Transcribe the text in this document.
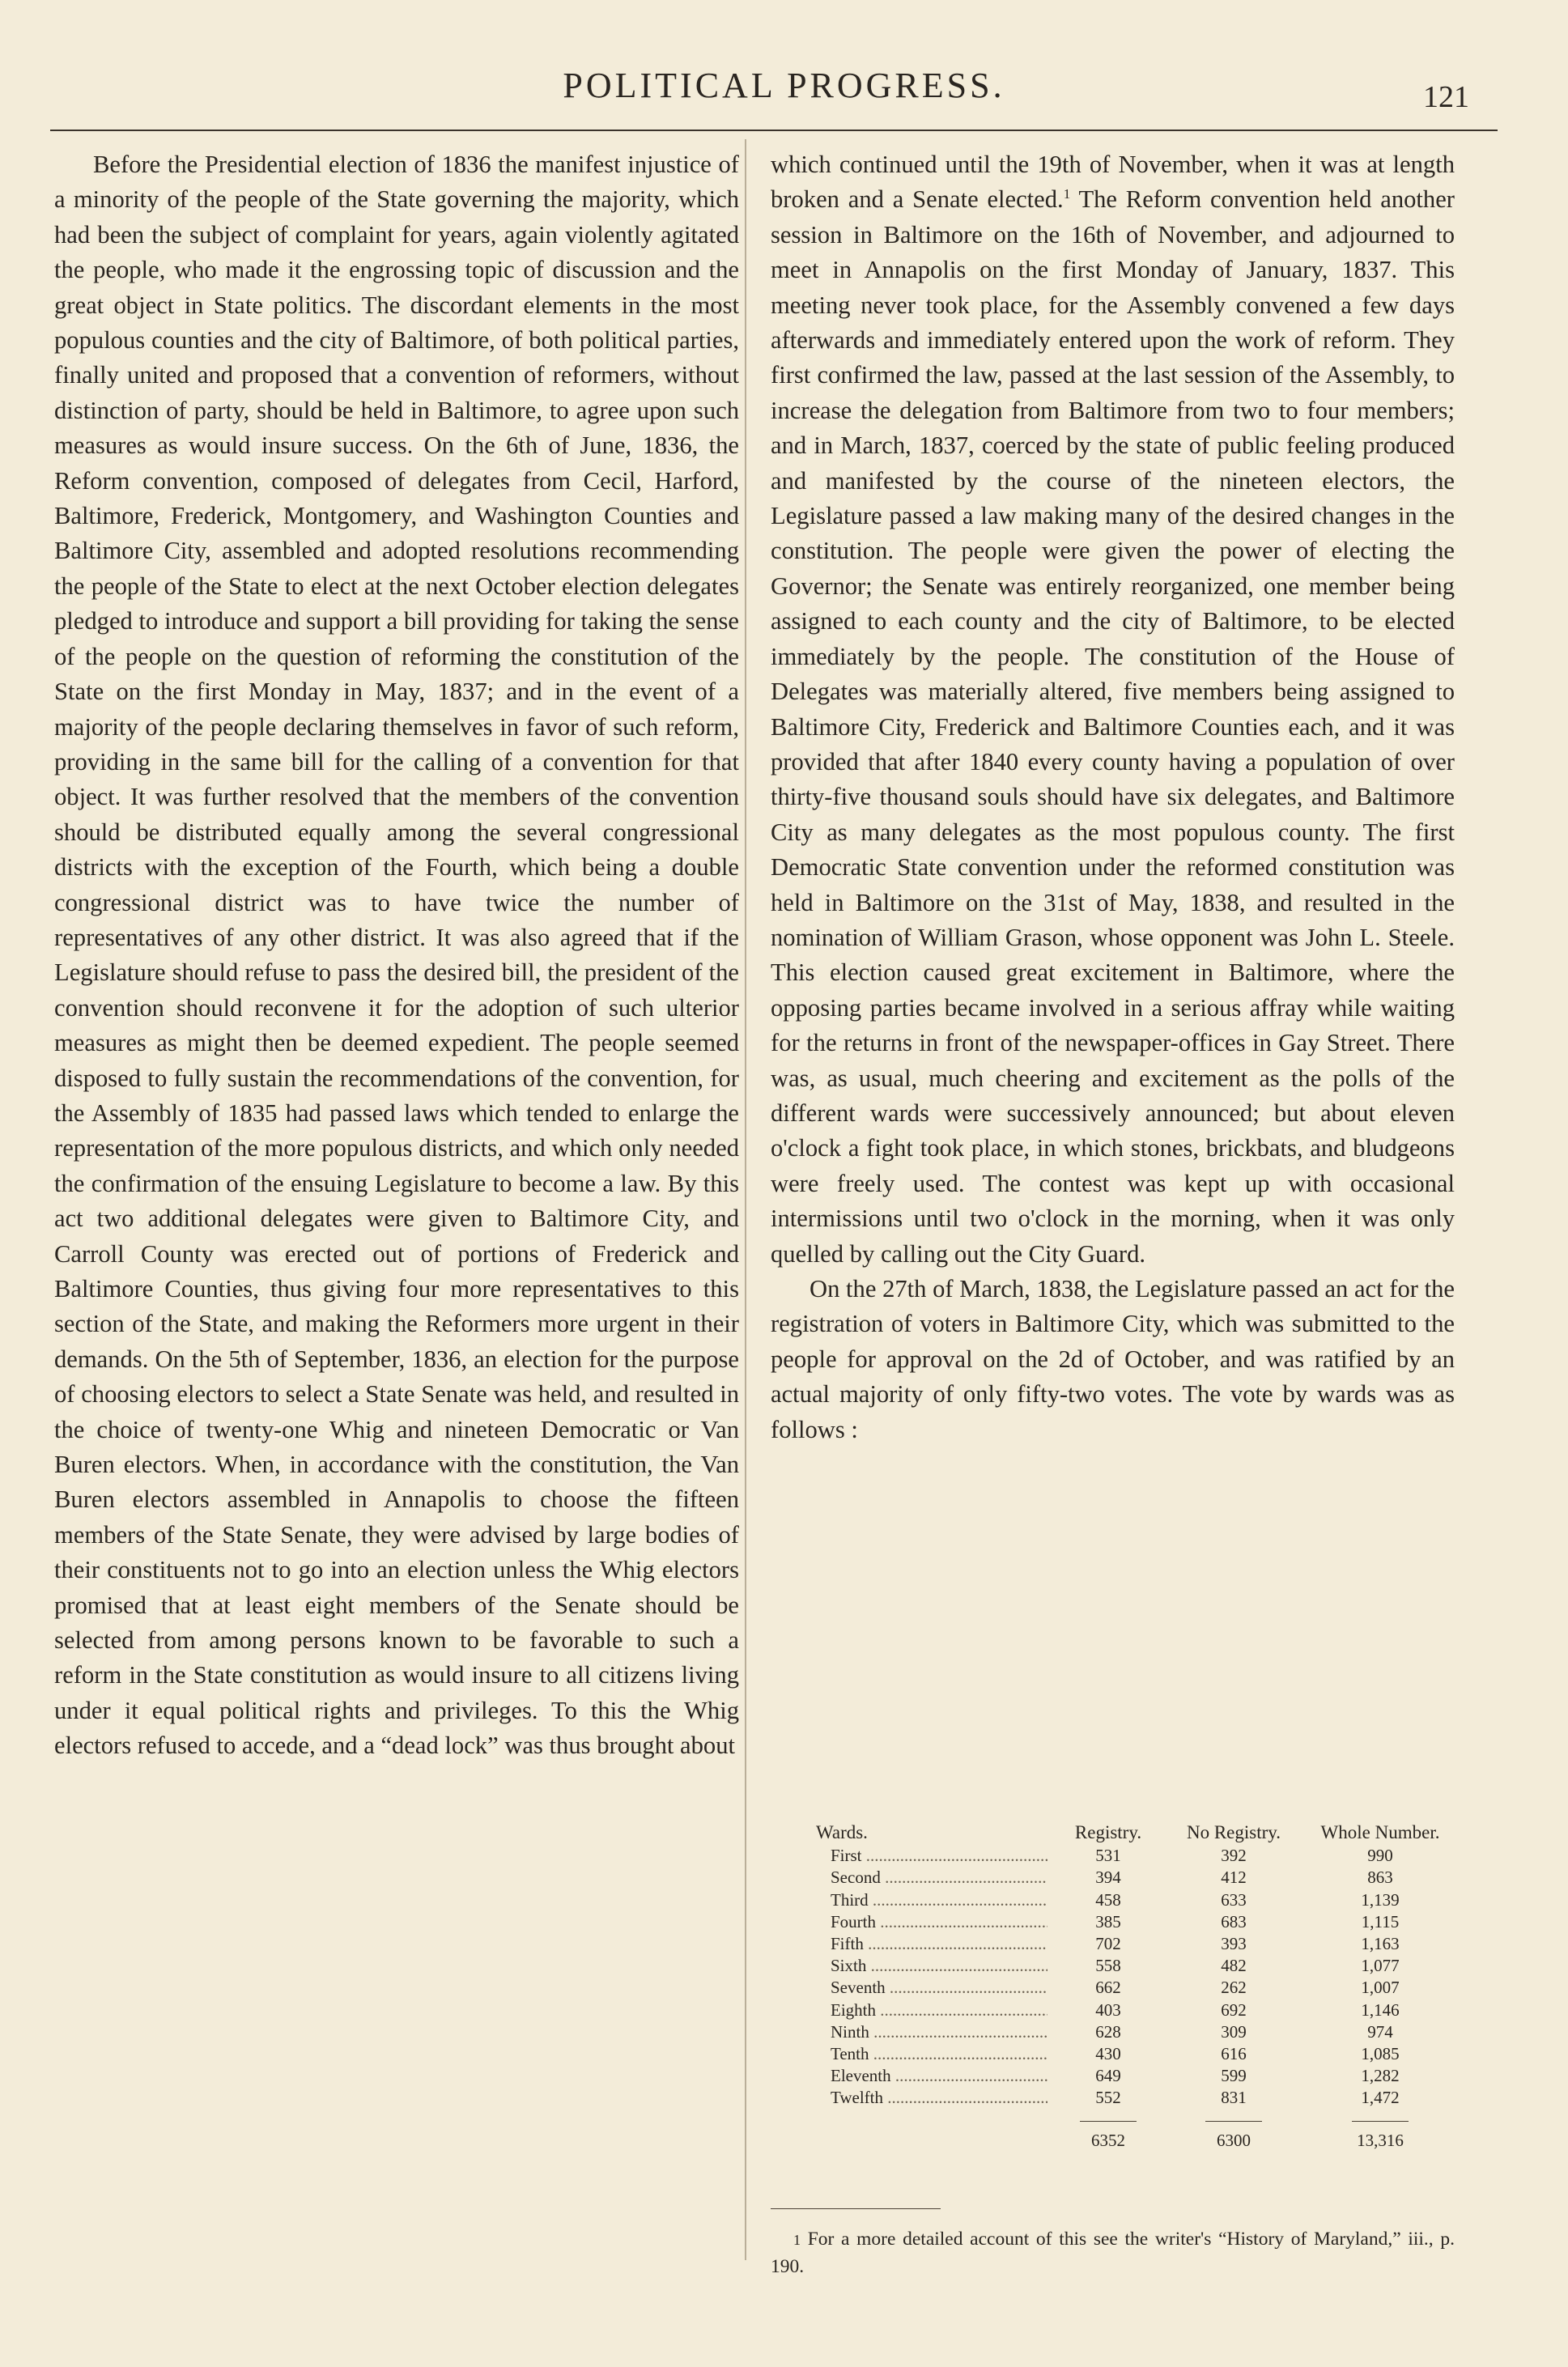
POLITICAL PROGRESS.	121

Before the Presidential election of 1836 the manifest injustice of a minority of the people of the State governing the majority, which had been the subject of complaint for years, again violently agitated the people, who made it the engrossing topic of discussion and the great object in State politics. The discordant elements in the most populous counties and the city of Baltimore, of both political parties, finally united and proposed that a convention of reformers, without distinction of party, should be held in Baltimore, to agree upon such measures as would insure success. On the 6th of June, 1836, the Reform convention, composed of delegates from Cecil, Harford, Baltimore, Frederick, Montgomery, and Washington Counties and Baltimore City, assembled and adopted resolutions recommending the people of the State to elect at the next October election delegates pledged to introduce and support a bill providing for taking the sense of the people on the question of reforming the constitution of the State on the first Monday in May, 1837; and in the event of a majority of the people declaring themselves in favor of such reform, providing in the same bill for the calling of a convention for that object. It was further resolved that the members of the convention should be distributed equally among the several congressional districts with the exception of the Fourth, which being a double congressional district was to have twice the number of representatives of any other district. It was also agreed that if the Legislature should refuse to pass the desired bill, the president of the convention should reconvene it for the adoption of such ulterior measures as might then be deemed expedient. The people seemed disposed to fully sustain the recommendations of the convention, for the Assembly of 1835 had passed laws which tended to enlarge the representation of the more populous districts, and which only needed the confirmation of the ensuing Legislature to become a law. By this act two additional delegates were given to Baltimore City, and Carroll County was erected out of portions of Frederick and Baltimore Counties, thus giving four more representatives to this section of the State, and making the Reformers more urgent in their demands. On the 5th of September, 1836, an election for the purpose of choosing electors to select a State Senate was held, and resulted in the choice of twenty-one Whig and nineteen Democratic or Van Buren electors. When, in accordance with the constitution, the Van Buren electors assembled in Annapolis to choose the fifteen members of the State Senate, they were advised by large bodies of their constituents not to go into an election unless the Whig electors promised that at least eight members of the Senate should be selected from among persons known to be favorable to such a reform in the State constitution as would insure to all citizens living under it equal political rights and privileges. To this the Whig electors refused to accede, and a “dead lock” was thus brought about

which continued until the 19th of November, when it was at length broken and a Senate elected.$^1$ The Reform convention held another session in Baltimore on the 16th of November, and adjourned to meet in Annapolis on the first Monday of January, 1837. This meeting never took place, for the Assembly convened a few days afterwards and immediately entered upon the work of reform. They first confirmed the law, passed at the last session of the Assembly, to increase the delegation from Baltimore from two to four members; and in March, 1837, coerced by the state of public feeling produced and manifested by the course of the nineteen electors, the Legislature passed a law making many of the desired changes in the constitution. The people were given the power of electing the Governor; the Senate was entirely reorganized, one member being assigned to each county and the city of Baltimore, to be elected immediately by the people. The constitution of the House of Delegates was materially altered, five members being assigned to Baltimore City, Frederick and Baltimore Counties each, and it was provided that after 1840 every county having a population of over thirty-five thousand souls should have six delegates, and Baltimore City as many delegates as the most populous county. The first Democratic State convention under the reformed constitution was held in Baltimore on the 31st of May, 1838, and resulted in the nomination of William Grason, whose opponent was John L. Steele. This election caused great excitement in Baltimore, where the opposing parties became involved in a serious affray while waiting for the returns in front of the newspaper-offices in Gay Street. There was, as usual, much cheering and excitement as the polls of the different wards were successively announced; but about eleven o'clock a fight took place, in which stones, brickbats, and bludgeons were freely used. The contest was kept up with occasional intermissions until two o'clock in the morning, when it was only quelled by calling out the City Guard.

On the 27th of March, 1838, the Legislature passed an act for the registration of voters in Baltimore City, which was submitted to the people for approval on the 2d of October, and was ratified by an actual majority of only fifty-two votes. The vote by wards was as follows :

Wards.	Registry.	No Registry.	Whole Number.
First .....	531	392	990
Second .....	394	412	863
Third .....	458	633	1,139
Fourth .....	385	683	1,115
Fifth .....	702	393	1,163
Sixth .....	558	482	1,077
Seventh .....	662	262	1,007
Eighth .....	403	692	1,146
Ninth .....	628	309	974
Tenth .....	430	616	1,085
Eleventh .....	649	599	1,282
Twelfth .....	552	831	1,472

6352	6300	13,316
1 For a more detailed account of this see the writer's “History of Maryland,” iii., p. 190.
